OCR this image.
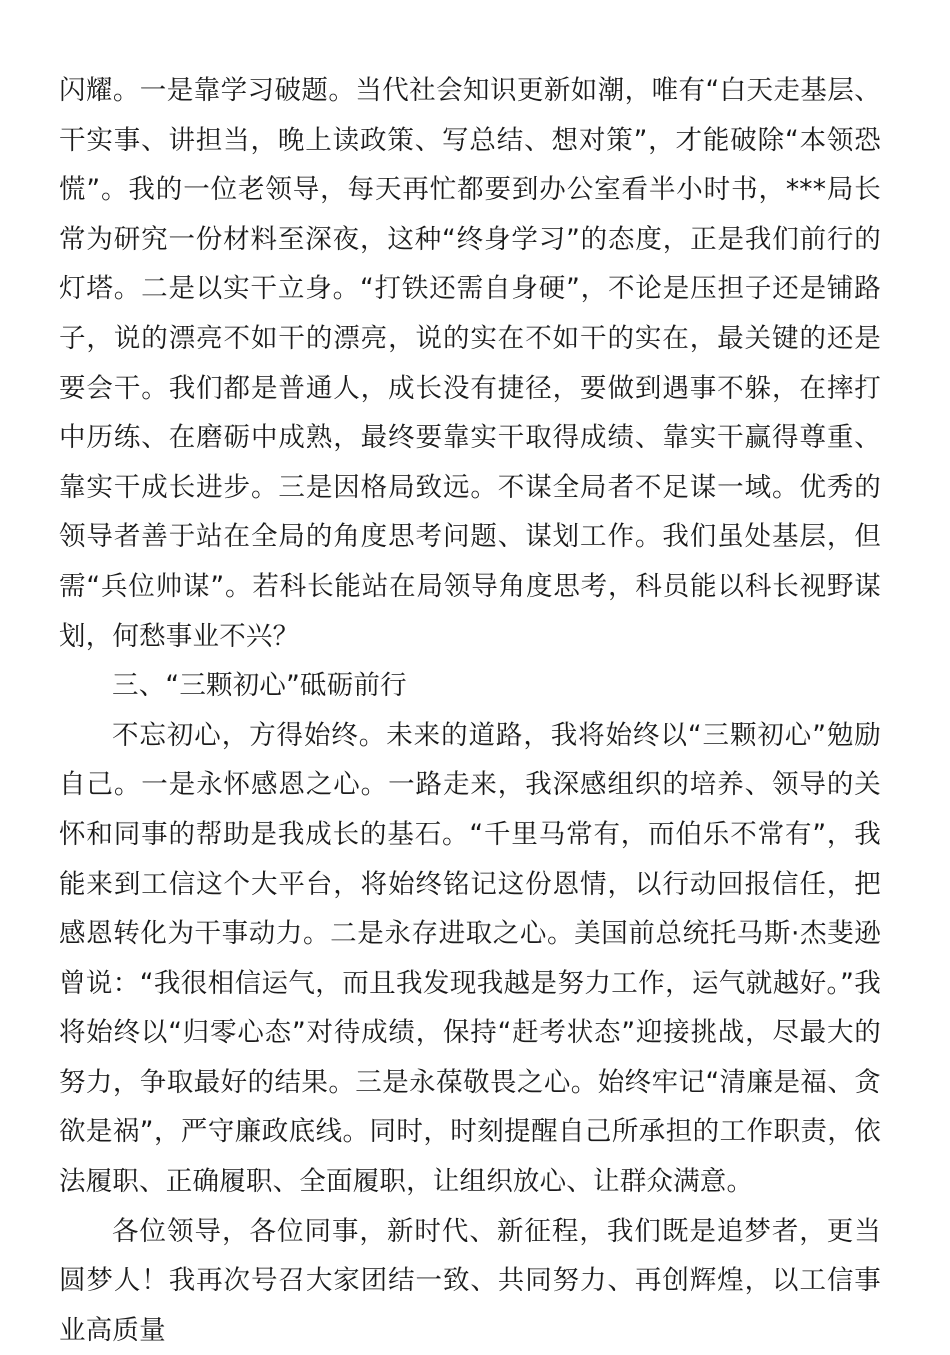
闪耀。一是靠学习破题。当代社会知识更新如潮，唯有“白天走基层、干实事、讲担当，晚上读政策、写总结、想对策”，才能破除“本领恐慌”。我的一位老领导，每天再忙都要到办公室看半小时书，***局长常为研究一份材料至深夜，这种“终身学习”的态度，正是我们前行的灯塔。二是以实干立身。“打铁还需自身硬”，不论是压担子还是铺路子，说的漂亮不如干的漂亮，说的实在不如干的实在，最关键的还是要会干。我们都是普通人，成长没有捷径，要做到遇事不躲，在摔打中历练、在磨砺中成熟，最终要靠实干取得成绩、靠实干赢得尊重、靠实干成长进步。三是因格局致远。不谋全局者不足谋一域。优秀的领导者善于站在全局的角度思考问题、谋划工作。我们虽处基层，但需“兵位帅谋”。若科长能站在局领导角度思考，科员能以科长视野谋划，何愁事业不兴？

三、“三颗初心”砥砺前行

不忘初心，方得始终。未来的道路，我将始终以“三颗初心”勉励自己。一是永怀感恩之心。一路走来，我深感组织的培养、领导的关怀和同事的帮助是我成长的基石。“千里马常有，而伯乐不常有”，我能来到工信这个大平台，将始终铭记这份恩情，以行动回报信任，把感恩转化为干事动力。二是永存进取之心。美国前总统托马斯·杰斐逊曾说：“我很相信运气，而且我发现我越是努力工作，运气就越好。”我将始终以“归零心态”对待成绩，保持“赶考状态”迎接挑战，尽最大的努力，争取最好的结果。三是永葆敬畏之心。始终牢记“清廉是福、贪欲是祸”，严守廉政底线。同时，时刻提醒自己所承担的工作职责，依法履职、正确履职、全面履职，让组织放心、让群众满意。

各位领导，各位同事，新时代、新征程，我们既是追梦者，更当圆梦人！我再次号召大家团结一致、共同努力、再创辉煌，以工信事业高质量
